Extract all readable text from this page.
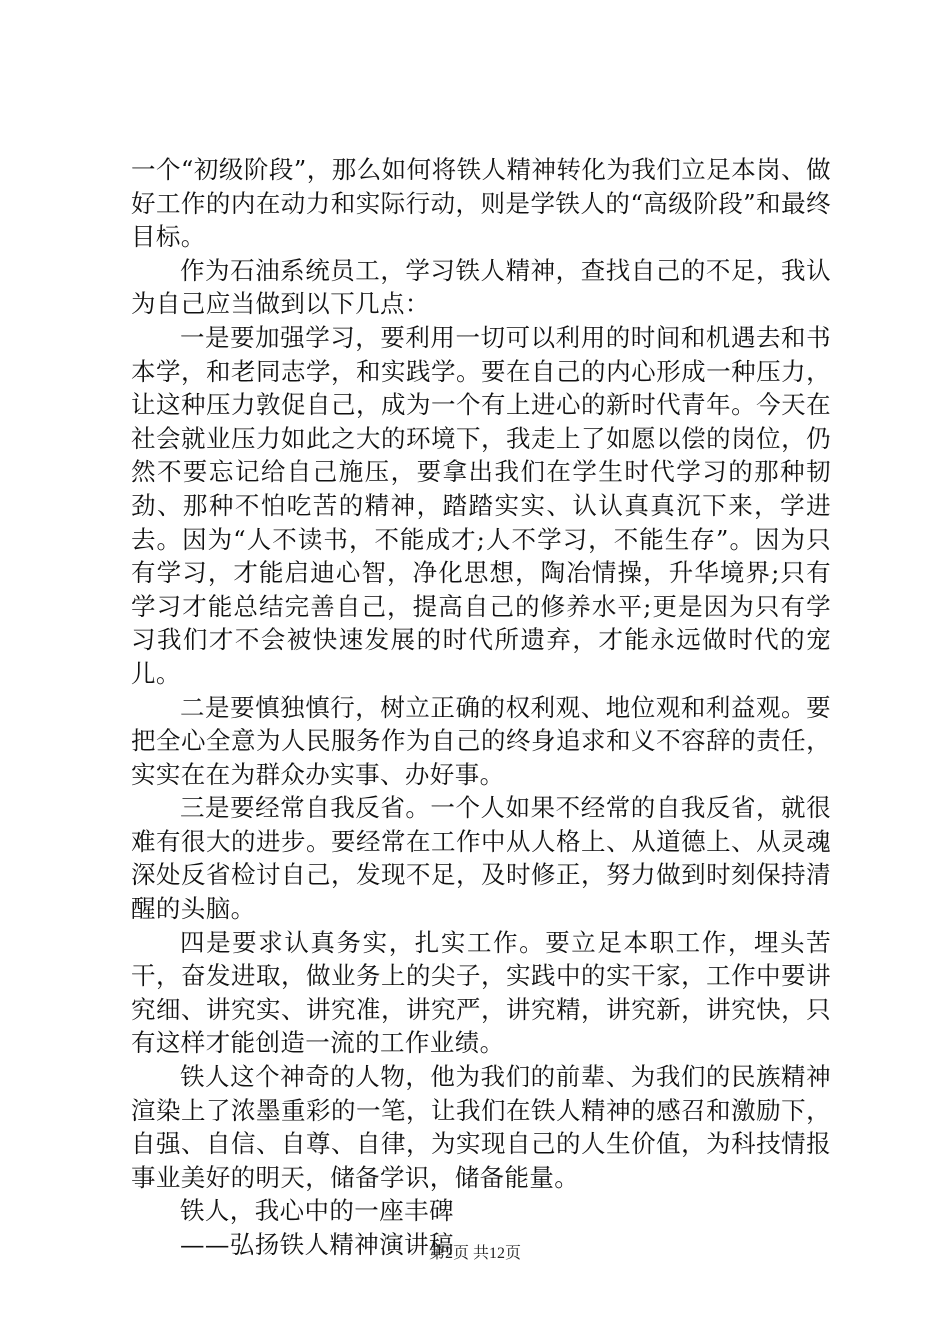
一个“初级阶段”，那么如何将铁人精神转化为我们立足本岗、做好工作的内在动力和实际行动，则是学铁人的“高级阶段”和最终目标。

作为石油系统员工，学习铁人精神，查找自己的不足，我认为自己应当做到以下几点：

一是要加强学习，要利用一切可以利用的时间和机遇去和书本学，和老同志学，和实践学。要在自己的内心形成一种压力，让这种压力敦促自己，成为一个有上进心的新时代青年。今天在社会就业压力如此之大的环境下，我走上了如愿以偿的岗位，仍然不要忘记给自己施压，要拿出我们在学生时代学习的那种韧劲、那种不怕吃苦的精神，踏踏实实、认认真真沉下来，学进去。因为“人不读书，不能成才;人不学习，不能生存”。因为只有学习，才能启迪心智，净化思想，陶冶情操，升华境界;只有学习才能总结完善自己，提高自己的修养水平;更是因为只有学习我们才不会被快速发展的时代所遗弃，才能永远做时代的宠儿。

二是要慎独慎行，树立正确的权利观、地位观和利益观。要把全心全意为人民服务作为自己的终身追求和义不容辞的责任，实实在在为群众办实事、办好事。

三是要经常自我反省。一个人如果不经常的自我反省，就很难有很大的进步。要经常在工作中从人格上、从道德上、从灵魂深处反省检讨自己，发现不足，及时修正，努力做到时刻保持清醒的头脑。

四是要求认真务实，扎实工作。要立足本职工作，埋头苦干，奋发进取，做业务上的尖子，实践中的实干家，工作中要讲究细、讲究实、讲究准，讲究严，讲究精，讲究新，讲究快，只有这样才能创造一流的工作业绩。

铁人这个神奇的人物，他为我们的前辈、为我们的民族精神渲染上了浓墨重彩的一笔，让我们在铁人精神的感召和激励下，自强、自信、自尊、自律，为实现自己的人生价值，为科技情报事业美好的明天，储备学识，储备能量。

铁人，我心中的一座丰碑

——弘扬铁人精神演讲稿

第2页 共12页
